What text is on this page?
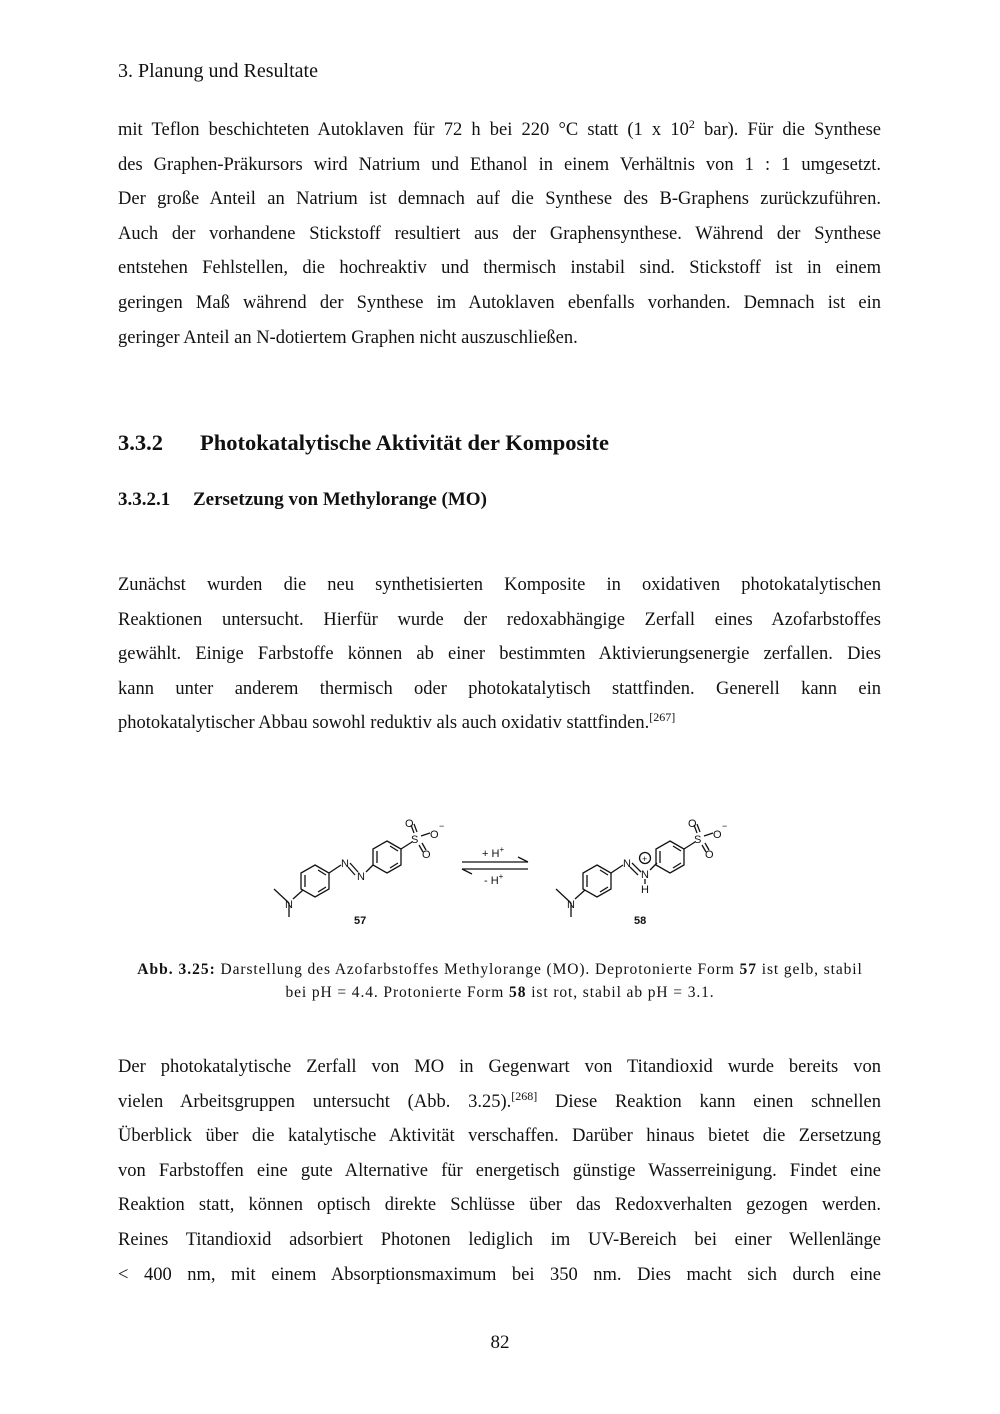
3. Planung und Resultate
mit Teflon beschichteten Autoklaven für 72 h bei 220 °C statt (1 x $10^2$ bar). Für die Synthese
des Graphen-Präkursors wird Natrium und Ethanol in einem Verhältnis von 1 : 1 umgesetzt.
Der große Anteil an Natrium ist demnach auf die Synthese des B-Graphens zurückzuführen.
Auch der vorhandene Stickstoff resultiert aus der Graphensynthese. Während der Synthese
entstehen Fehlstellen, die hochreaktiv und thermisch instabil sind. Stickstoff ist in einem
geringen Maß während der Synthese im Autoklaven ebenfalls vorhanden. Demnach ist ein
geringer Anteil an N-dotiertem Graphen nicht auszuschließen.
3.3.2 Photokatalytische Aktivität der Komposite
3.3.2.1 Zersetzung von Methylorange (MO)
Zunächst wurden die neu synthetisierten Komposite in oxidativen photokatalytischen
Reaktionen untersucht. Hierfür wurde der redoxabhängige Zerfall eines Azofarbstoffes
gewählt. Einige Farbstoffe können ab einer bestimmten Aktivierungsenergie zerfallen. Dies
kann unter anderem thermisch oder photokatalytisch stattfinden. Generell kann ein
photokatalytischer Abbau sowohl reduktiv als auch oxidativ stattfinden.[267]
N
N
N
S
O
O
O
−
57
+ H+
- H+
N
N
N
H
+
S
O
O
O
−
58
Abb. 3.25: Darstellung des Azofarbstoffes Methylorange (MO). Deprotonierte Form 57 ist gelb, stabil bei pH = 4.4. Protonierte Form 58 ist rot, stabil ab pH = 3.1.
Der photokatalytische Zerfall von MO in Gegenwart von Titandioxid wurde bereits von
vielen Arbeitsgruppen untersucht (Abb. 3.25).[268] Diese Reaktion kann einen schnellen
Überblick über die katalytische Aktivität verschaffen. Darüber hinaus bietet die Zersetzung
von Farbstoffen eine gute Alternative für energetisch günstige Wasserreinigung. Findet eine
Reaktion statt, können optisch direkte Schlüsse über das Redoxverhalten gezogen werden.
Reines Titandioxid adsorbiert Photonen lediglich im UV-Bereich bei einer Wellenlänge
< 400 nm, mit einem Absorptionsmaximum bei 350 nm. Dies macht sich durch eine
82
